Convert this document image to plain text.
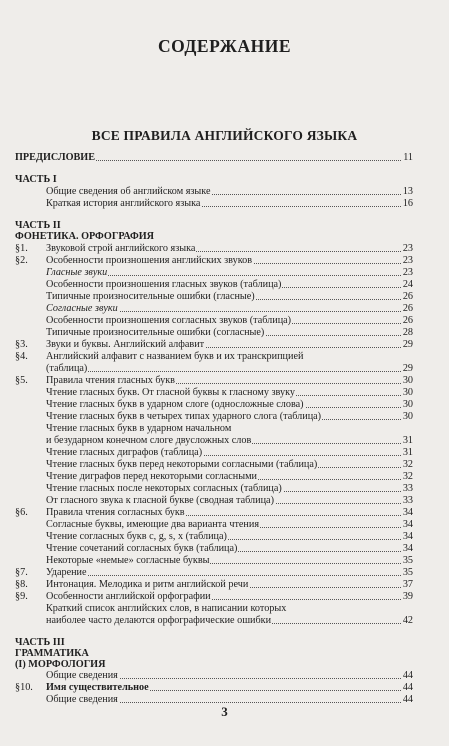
СОДЕРЖАНИЕ
ВСЕ ПРАВИЛА АНГЛИЙСКОГО ЯЗЫКА
ПРЕДИСЛОВИЕ	11
ЧАСТЬ I
Общие сведения об английском языке	13
Краткая история английского языка	16
ЧАСТЬ II
ФОНЕТИКА. ОРФОГРАФИЯ
§1. Звуковой строй английского языка	23
§2. Особенности произношения английских звуков	23
Гласные звуки	23
Особенности произношения гласных звуков (таблица)	24
Типичные произносительные ошибки (гласные)	26
Согласные звуки	26
Особенности произношения согласных звуков (таблица)	26
Типичные произносительные ошибки (согласные)	28
§3. Звуки и буквы. Английский алфавит	29
§4. Английский алфавит с названием букв и их транскрипцией
(таблица)	29
§5. Правила чтения гласных букв	30
Чтение гласных букв. От гласной буквы к гласному звуку	30
Чтение гласных букв в ударном слоге (односложные слова)	30
Чтение гласных букв в четырех типах ударного слога (таблица)	30
Чтение гласных букв в ударном начальном
и безударном конечном слоге двусложных слов	31
Чтение гласных диграфов (таблица)	31
Чтение гласных букв перед некоторыми согласными (таблица)	32
Чтение диграфов перед некоторыми согласными	32
Чтение гласных после некоторых согласных (таблица)	33
От гласного звука к гласной букве (сводная таблица)	33
§6. Правила чтения согласных букв	34
Согласные буквы, имеющие два варианта чтения	34
Чтение согласных букв c, g, s, x (таблица)	34
Чтение сочетаний согласных букв (таблица)	34
Некоторые «немые» согласные буквы	35
§7. Ударение	35
§8. Интонация. Мелодика и ритм английской речи	37
§9. Особенности английской орфографии	39
Краткий список английских слов, в написании которых
наиболее часто делаются орфографические ошибки	42
ЧАСТЬ III
ГРАММАТИКА
(I) МОРФОЛОГИЯ
Общие сведения	44
§10. Имя существительное	44
Общие сведения	44
3
